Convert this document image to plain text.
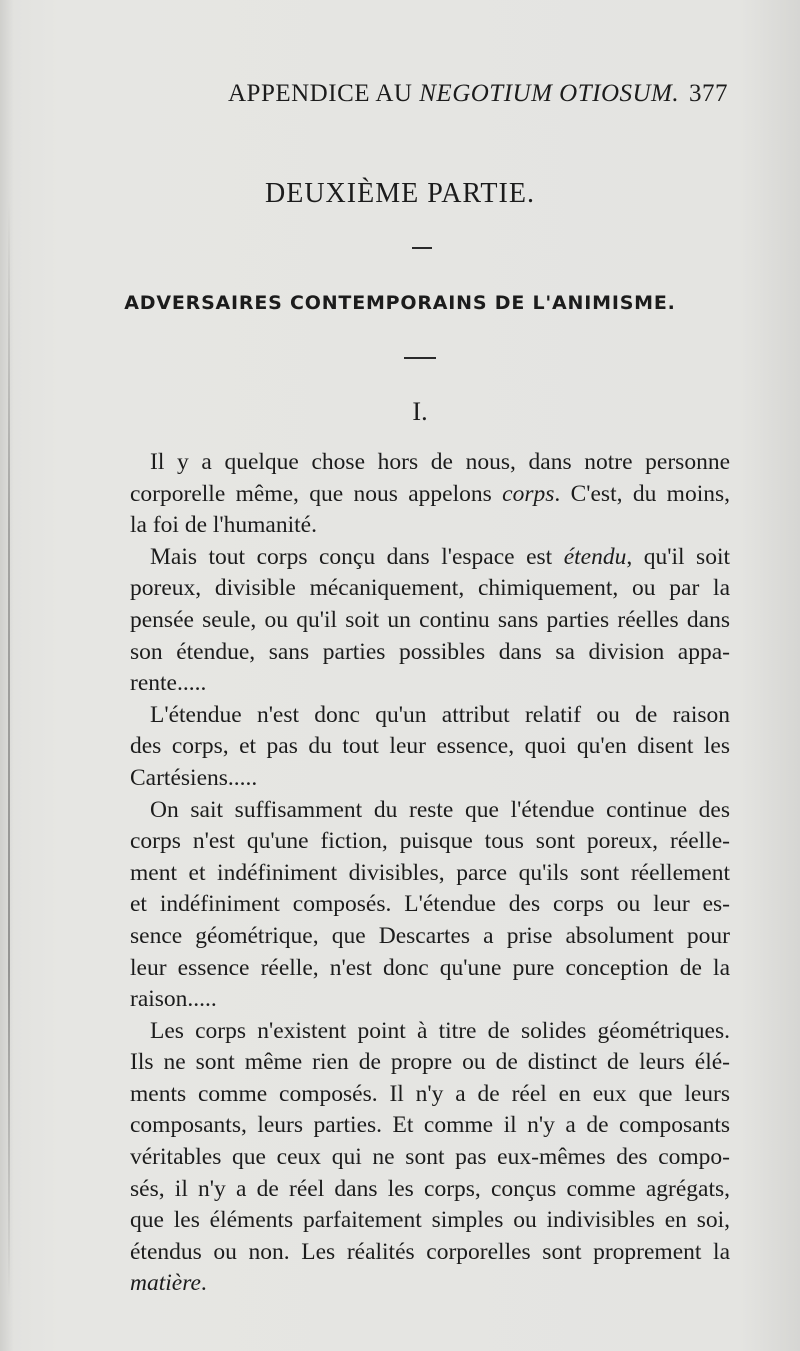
APPENDICE AU NEGOTIUM OTIOSUM. 377
DEUXIÈME PARTIE.
ADVERSAIRES CONTEMPORAINS DE L'ANIMISME.
I.
Il y a quelque chose hors de nous, dans notre personne
corporelle même, que nous appelons corps. C'est, du moins,
la foi de l'humanité.
Mais tout corps conçu dans l'espace est étendu, qu'il soit
poreux, divisible mécaniquement, chimiquement, ou par la
pensée seule, ou qu'il soit un continu sans parties réelles dans
son étendue, sans parties possibles dans sa division appa-
rente.....
L'étendue n'est donc qu'un attribut relatif ou de raison
des corps, et pas du tout leur essence, quoi qu'en disent les
Cartésiens.....
On sait suffisamment du reste que l'étendue continue des
corps n'est qu'une fiction, puisque tous sont poreux, réelle-
ment et indéfiniment divisibles, parce qu'ils sont réellement
et indéfiniment composés. L'étendue des corps ou leur es-
sence géométrique, que Descartes a prise absolument pour
leur essence réelle, n'est donc qu'une pure conception de la
raison.....
Les corps n'existent point à titre de solides géométriques.
Ils ne sont même rien de propre ou de distinct de leurs élé-
ments comme composés. Il n'y a de réel en eux que leurs
composants, leurs parties. Et comme il n'y a de composants
véritables que ceux qui ne sont pas eux-mêmes des compo-
sés, il n'y a de réel dans les corps, conçus comme agrégats,
que les éléments parfaitement simples ou indivisibles en soi,
étendus ou non. Les réalités corporelles sont proprement la
matière.
